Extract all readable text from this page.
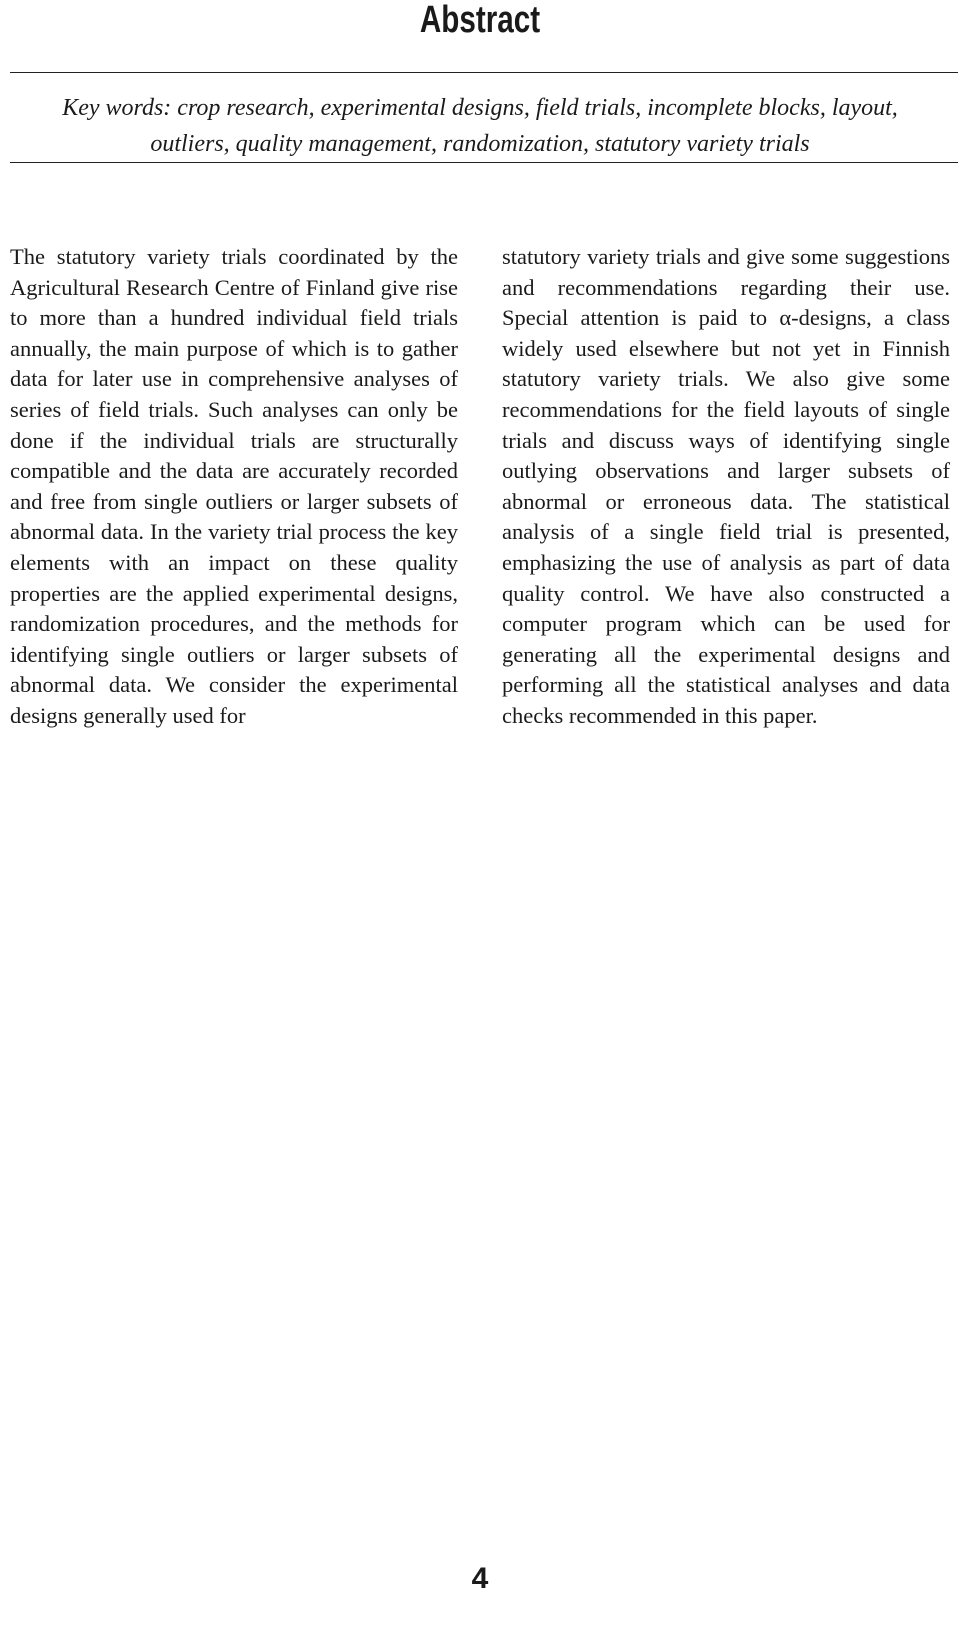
Abstract
Key words: crop research, experimental designs, field trials, incomplete blocks, layout, outliers, quality management, randomization, statutory variety trials
The statutory variety trials coordinated by the Agricultural Research Centre of Finland give rise to more than a hundred individual field trials annually, the main purpose of which is to gather data for later use in comprehensive analyses of series of field trials. Such analyses can only be done if the individual trials are structurally compatible and the data are accurately recorded and free from single outliers or larger subsets of abnormal data. In the variety trial process the key elements with an impact on these quality properties are the applied experimental designs, randomization procedures, and the methods for identifying single outliers or larger subsets of abnormal data. We consider the experimental designs generally used for
statutory variety trials and give some suggestions and recommendations regarding their use. Special attention is paid to α-designs, a class widely used elsewhere but not yet in Finnish statutory variety trials. We also give some recommendations for the field layouts of single trials and discuss ways of identifying single outlying observations and larger subsets of abnormal or erroneous data. The statistical analysis of a single field trial is presented, emphasizing the use of analysis as part of data quality control. We have also constructed a computer program which can be used for generating all the experimental designs and performing all the statistical analyses and data checks recommended in this paper.
4
